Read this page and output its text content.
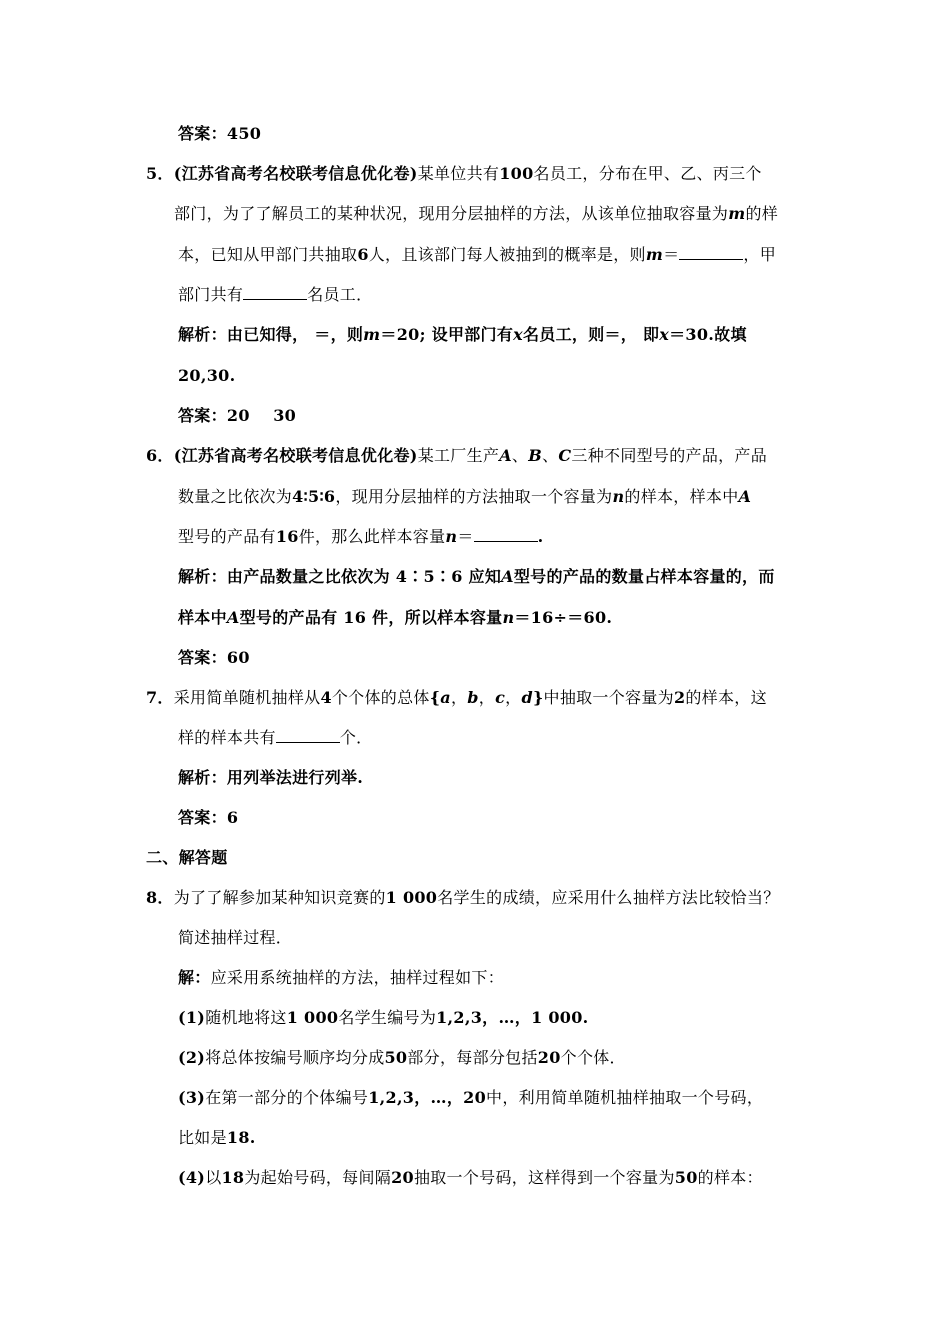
答案：450
5．(江苏省高考名校联考信息优化卷)某单位共有100名员工，分布在甲、乙、丙三个
部门，为了了解员工的某种状况，现用分层抽样的方法，从该单位抽取容量为m的样
本，已知从甲部门共抽取6人，且该部门每人被抽到的概率是，则m＝	，甲
部门共有	名员工．
解析：由已知得， ＝，则m＝20; 设甲部门有x名员工，则＝， 即x＝30.故填
20,30.
答案：20    30
6．(江苏省高考名校联考信息优化卷)某工厂生产A、B、C三种不同型号的产品，产品
数量之比依次为4∶5∶6，现用分层抽样的方法抽取一个容量为n的样本，样本中A
型号的产品有16件，那么此样本容量n＝	.
解析：由产品数量之比依次为 4∶5∶6 应知A型号的产品的数量占样本容量的，而
样本中A型号的产品有 16 件，所以样本容量n＝16÷＝60.
答案：60
7．采用简单随机抽样从4个个体的总体{a，b，c，d}中抽取一个容量为2的样本，这
样的样本共有	个．
解析：用列举法进行列举.
答案：6
二、解答题
8．为了了解参加某种知识竞赛的1 000名学生的成绩，应采用什么抽样方法比较恰当？
简述抽样过程．
解：应采用系统抽样的方法，抽样过程如下：
(1)随机地将这1 000名学生编号为1,2,3，…，1 000.
(2)将总体按编号顺序均分成50部分，每部分包括20个个体．
(3)在第一部分的个体编号1,2,3，…，20中，利用简单随机抽样抽取一个号码，
比如是18.
(4)以18为起始号码，每间隔20抽取一个号码，这样得到一个容量为50的样本：
